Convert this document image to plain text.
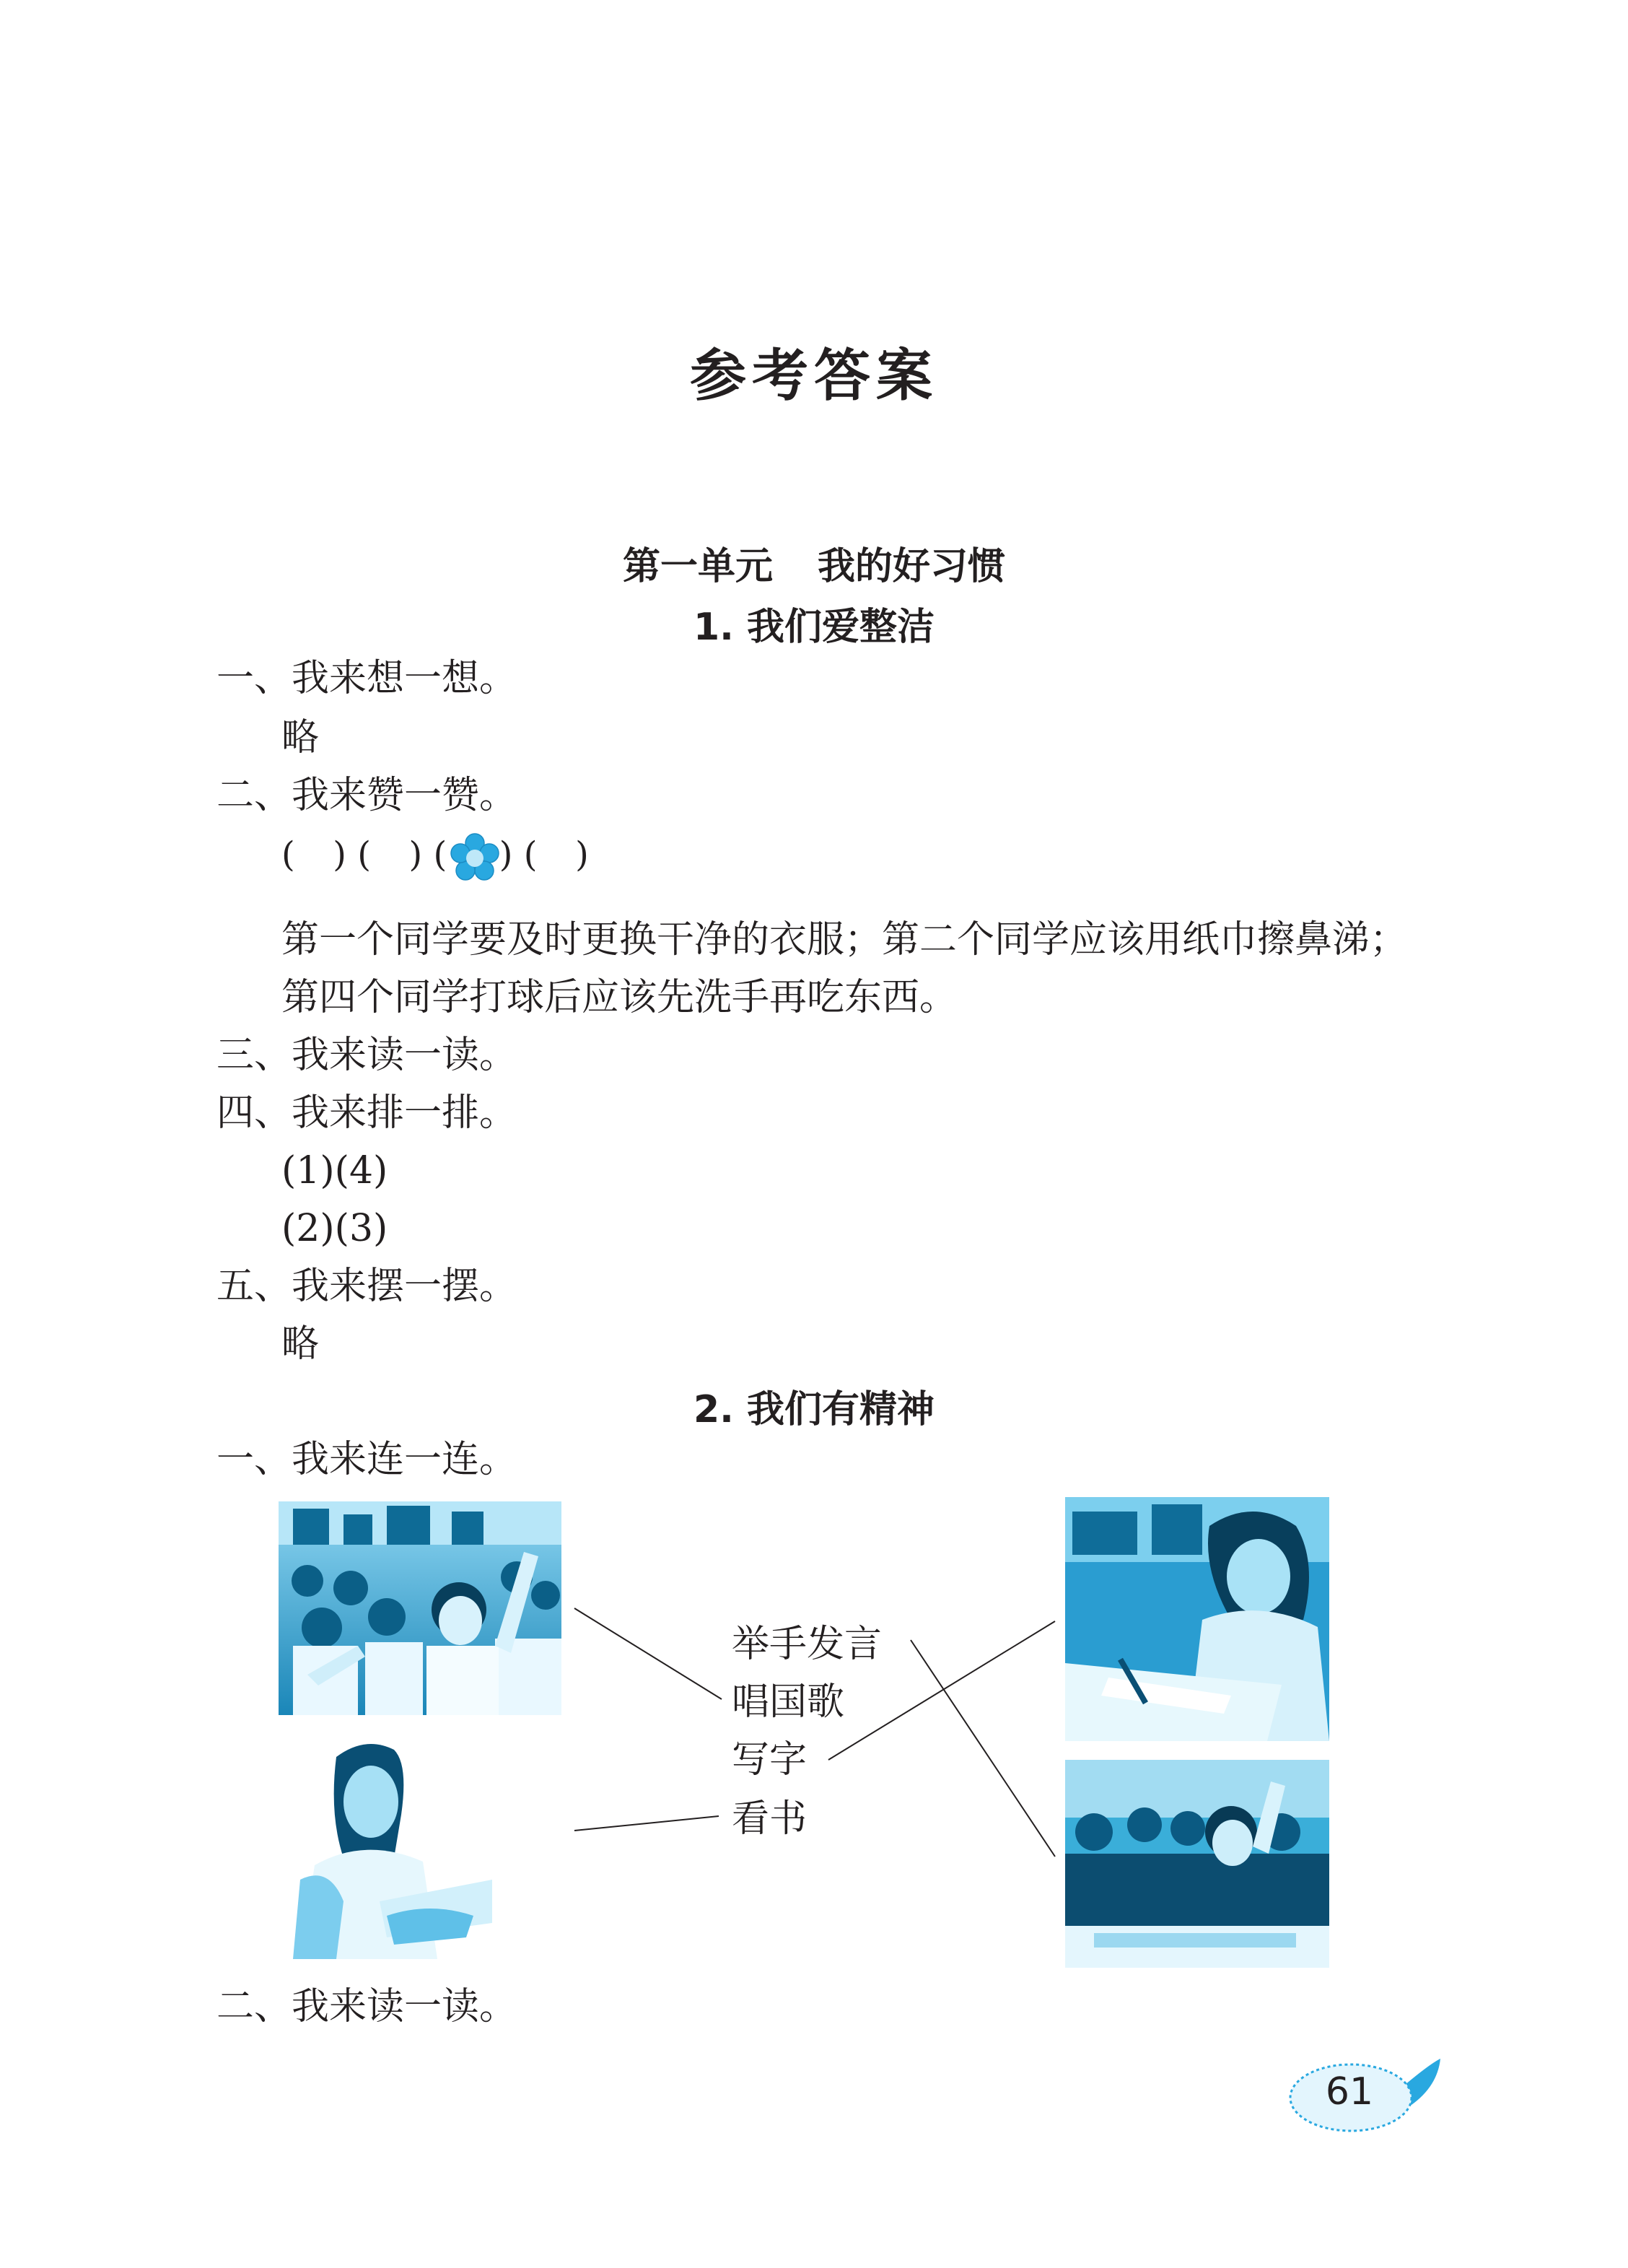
参考答案
第一单元 我的好习惯
1. 我们爱整洁
一、我来想一想。
略
二、我来赞一赞。
( ) ( ) (
) ( )
第一个同学要及时更换干净的衣服；第二个同学应该用纸巾擦鼻涕；第四个同学打球后应该先洗手再吃东西。
三、我来读一读。
四、我来排一排。
(1)(4)
(2)(3)
五、我来摆一摆。
略
2. 我们有精神
一、我来连一连。
举手发言
唱国歌
写字
看书
二、我来读一读。
61
